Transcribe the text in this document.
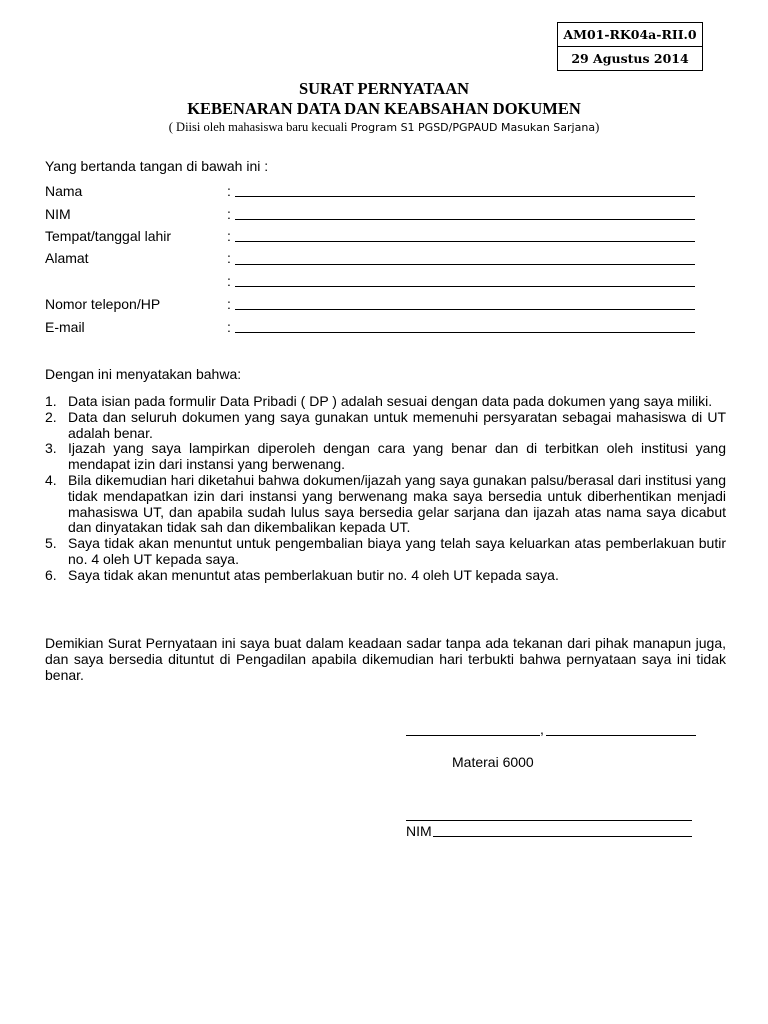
AM01-RK04a-RII.0
29 Agustus 2014
SURAT PERNYATAAN
KEBENARAN DATA DAN KEABSAHAN DOKUMEN
( Diisi oleh mahasiswa baru kecuali Program S1 PGSD/PGPAUD Masukan Sarjana)
Yang bertanda tangan di bawah ini :
Nama	:
NIM	:
Tempat/tanggal lahir	:
Alamat	:
:
Nomor telepon/HP	:
E-mail	:
Dengan ini menyatakan bahwa:

1. Data isian pada formulir Data Pribadi ( DP ) adalah sesuai dengan data pada dokumen yang saya miliki.

2. Data dan seluruh dokumen yang saya gunakan untuk memenuhi persyaratan sebagai mahasiswa di UT adalah benar.

3. Ijazah yang saya lampirkan diperoleh dengan cara yang benar dan di terbitkan oleh institusi yang mendapat izin dari instansi yang berwenang.

4. Bila dikemudian hari diketahui bahwa dokumen/ijazah yang saya gunakan palsu/berasal dari institusi yang tidak mendapatkan izin dari instansi yang berwenang maka saya bersedia untuk diberhentikan menjadi mahasiswa UT, dan apabila sudah lulus saya bersedia gelar sarjana dan ijazah atas nama saya dicabut dan dinyatakan tidak sah dan dikembalikan kepada UT.

5. Saya tidak akan menuntut untuk pengembalian biaya yang telah saya keluarkan atas pemberlakuan butir no. 4 oleh UT kepada saya.

6. Saya tidak akan menuntut atas pemberlakuan butir no. 4 oleh UT kepada saya.

Demikian Surat Pernyataan ini saya buat dalam keadaan sadar tanpa ada tekanan dari pihak manapun juga, dan saya bersedia dituntut di Pengadilan apabila dikemudian hari terbukti bahwa pernyataan saya ini tidak benar.
,
Materai 6000
NIM
